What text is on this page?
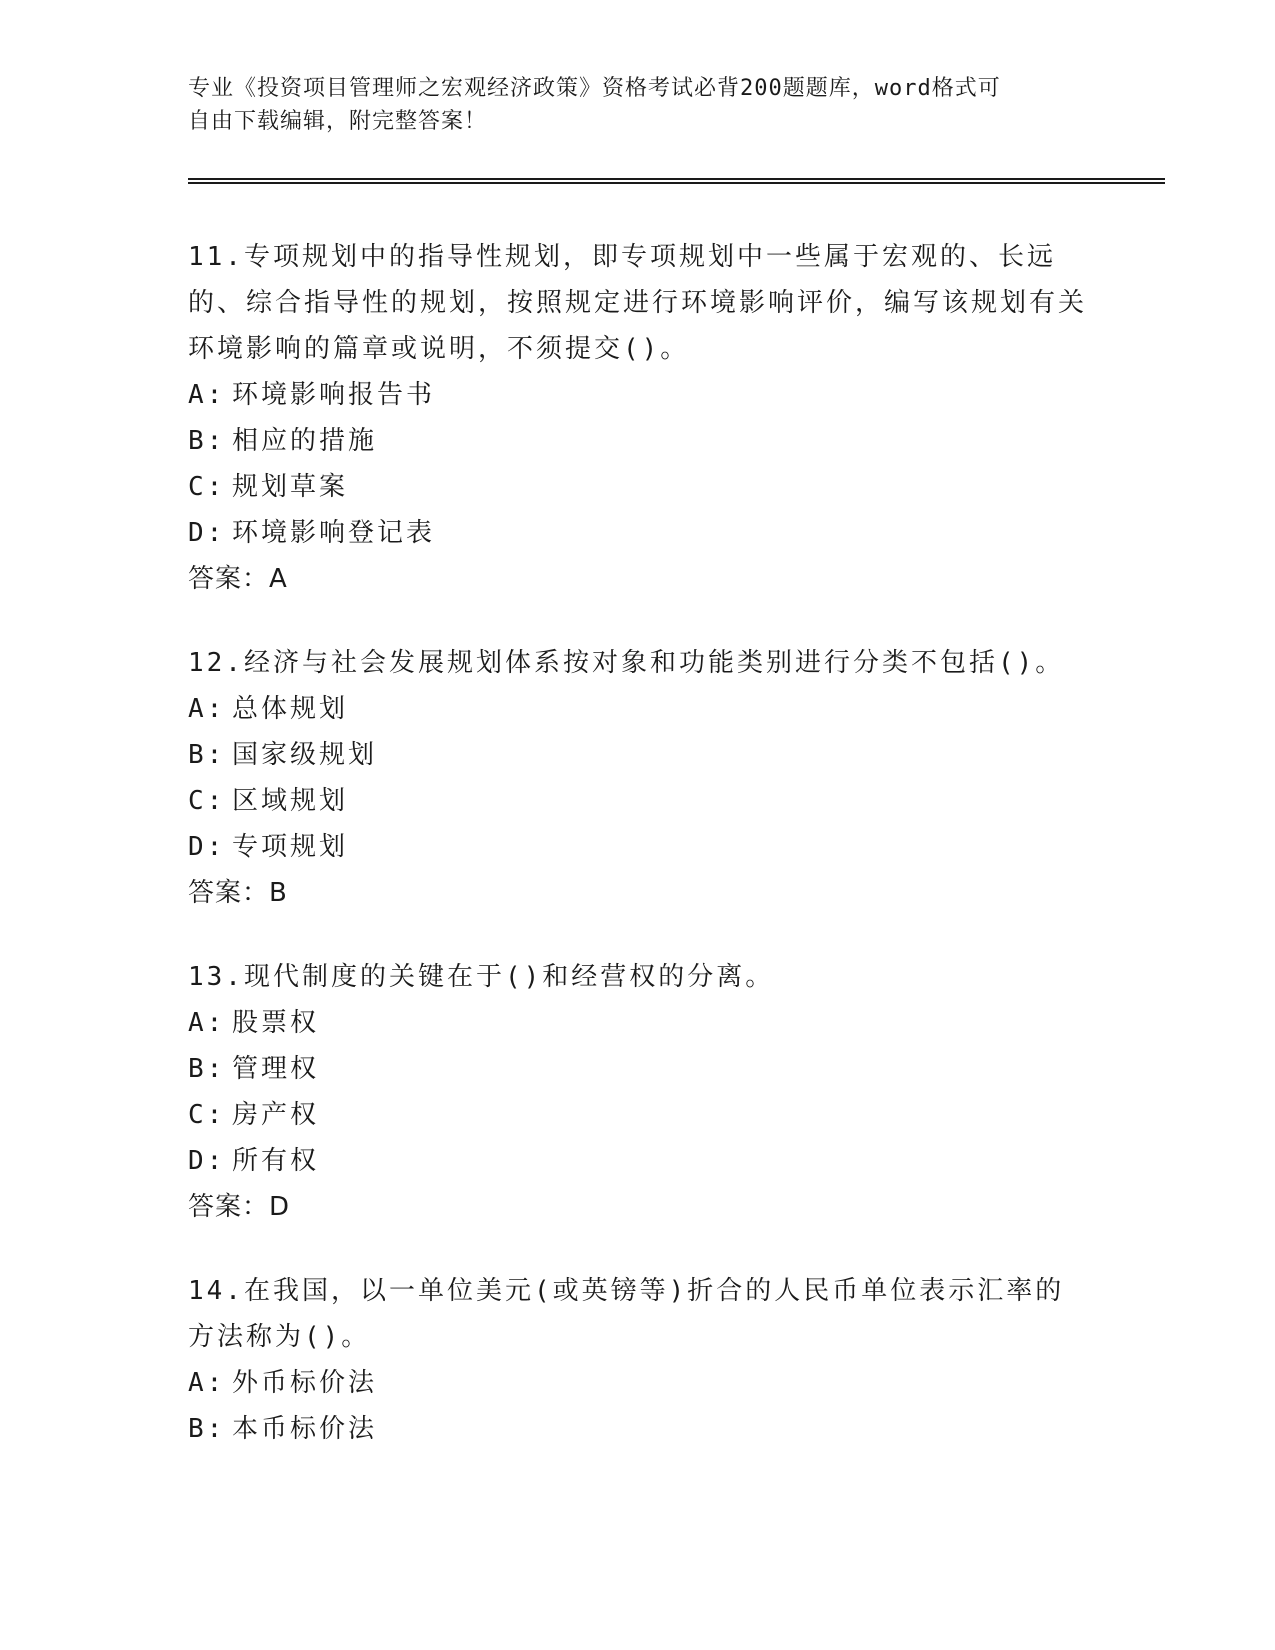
专业《投资项目管理师之宏观经济政策》资格考试必背200题题库，word格式可
自由下载编辑，附完整答案！

11.专项规划中的指导性规划，即专项规划中一些属于宏观的、长远的、综合指导性的规划，按照规定进行环境影响评价，编写该规划有关环境影响的篇章或说明，不须提交()。

A: 环境影响报告书
B: 相应的措施
C: 规划草案
D: 环境影响登记表

答案：A

12.经济与社会发展规划体系按对象和功能类别进行分类不包括()。

A: 总体规划
B: 国家级规划
C: 区域规划
D: 专项规划

答案：B

13.现代制度的关键在于()和经营权的分离。

A: 股票权
B: 管理权
C: 房产权
D: 所有权

答案：D

14.在我国，以一单位美元(或英镑等)折合的人民币单位表示汇率的方法称为()。

A: 外币标价法
B: 本币标价法
